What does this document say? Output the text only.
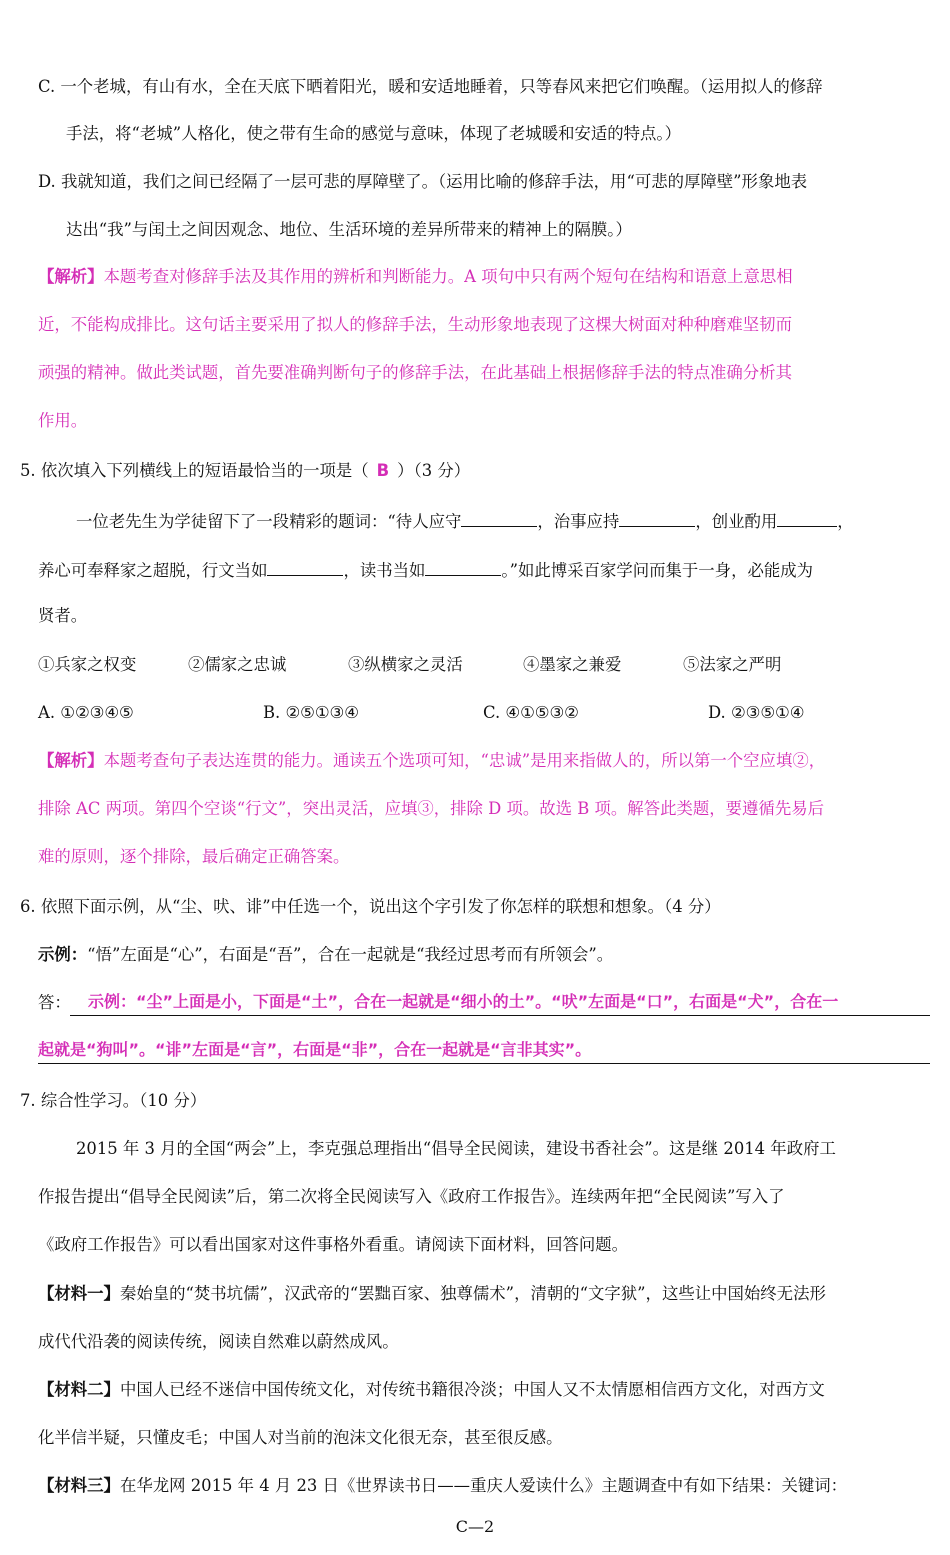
C. 一个老城，有山有水，全在天底下晒着阳光，暖和安适地睡着，只等春风来把它们唤醒。（运用拟人的修辞
手法，将“老城”人格化，使之带有生命的感觉与意味，体现了老城暖和安适的特点。）
D. 我就知道，我们之间已经隔了一层可悲的厚障壁了。（运用比喻的修辞手法，用“可悲的厚障壁”形象地表
达出“我”与闰土之间因观念、地位、生活环境的差异所带来的精神上的隔膜。）
【解析】本题考查对修辞手法及其作用的辨析和判断能力。A 项句中只有两个短句在结构和语意上意思相
近，不能构成排比。这句话主要采用了拟人的修辞手法，生动形象地表现了这棵大树面对种种磨难坚韧而
顽强的精神。做此类试题，首先要准确判断句子的修辞手法，在此基础上根据修辞手法的特点准确分析其
作用。
5. 依次填入下列横线上的短语最恰当的一项是（ B ）（3 分）
一位老先生为学徒留下了一段精彩的题词：“待人应守	，治事应持	，创业酌用	，
养心可奉释家之超脱，行文当如	，读书当如	。”如此博采百家学问而集于一身，必能成为
贤者。
①兵家之权变	②儒家之忠诚	③纵横家之灵活	④墨家之兼爱	⑤法家之严明
A. ①②③④⑤	B. ②⑤①③④	C. ④①⑤③②	D. ②③⑤①④
【解析】本题考查句子表达连贯的能力。通读五个选项可知，“忠诚”是用来指做人的，所以第一个空应填②，
排除 AC 两项。第四个空谈“行文”，突出灵活，应填③，排除 D 项。故选 B 项。解答此类题，要遵循先易后
难的原则，逐个排除，最后确定正确答案。
6. 依照下面示例，从“尘、吠、诽”中任选一个，说出这个字引发了你怎样的联想和想象。（4 分）
示例：“悟”左面是“心”，右面是“吾”，合在一起就是“我经过思考而有所领会”。
答：	示例：“尘”上面是小，下面是“土”，合在一起就是“细小的土”。“吠”左面是“口”，右面是“犬”，合在一
起就是“狗叫”。“诽”左面是“言”，右面是“非”，合在一起就是“言非其实”。
7. 综合性学习。（10 分）
2015 年 3 月的全国“两会”上，李克强总理指出“倡导全民阅读，建设书香社会”。这是继 2014 年政府工
作报告提出“倡导全民阅读”后，第二次将全民阅读写入《政府工作报告》。连续两年把“全民阅读”写入了
《政府工作报告》可以看出国家对这件事格外看重。请阅读下面材料，回答问题。
【材料一】秦始皇的“焚书坑儒”，汉武帝的“罢黜百家、独尊儒术”，清朝的“文字狱”，这些让中国始终无法形
成代代沿袭的阅读传统，阅读自然难以蔚然成风。
【材料二】中国人已经不迷信中国传统文化，对传统书籍很冷淡；中国人又不太情愿相信西方文化，对西方文
化半信半疑，只懂皮毛；中国人对当前的泡沫文化很无奈，甚至很反感。
【材料三】在华龙网 2015 年 4 月 23 日《世界读书日——重庆人爱读什么》主题调查中有如下结果：关键词：
C—2
